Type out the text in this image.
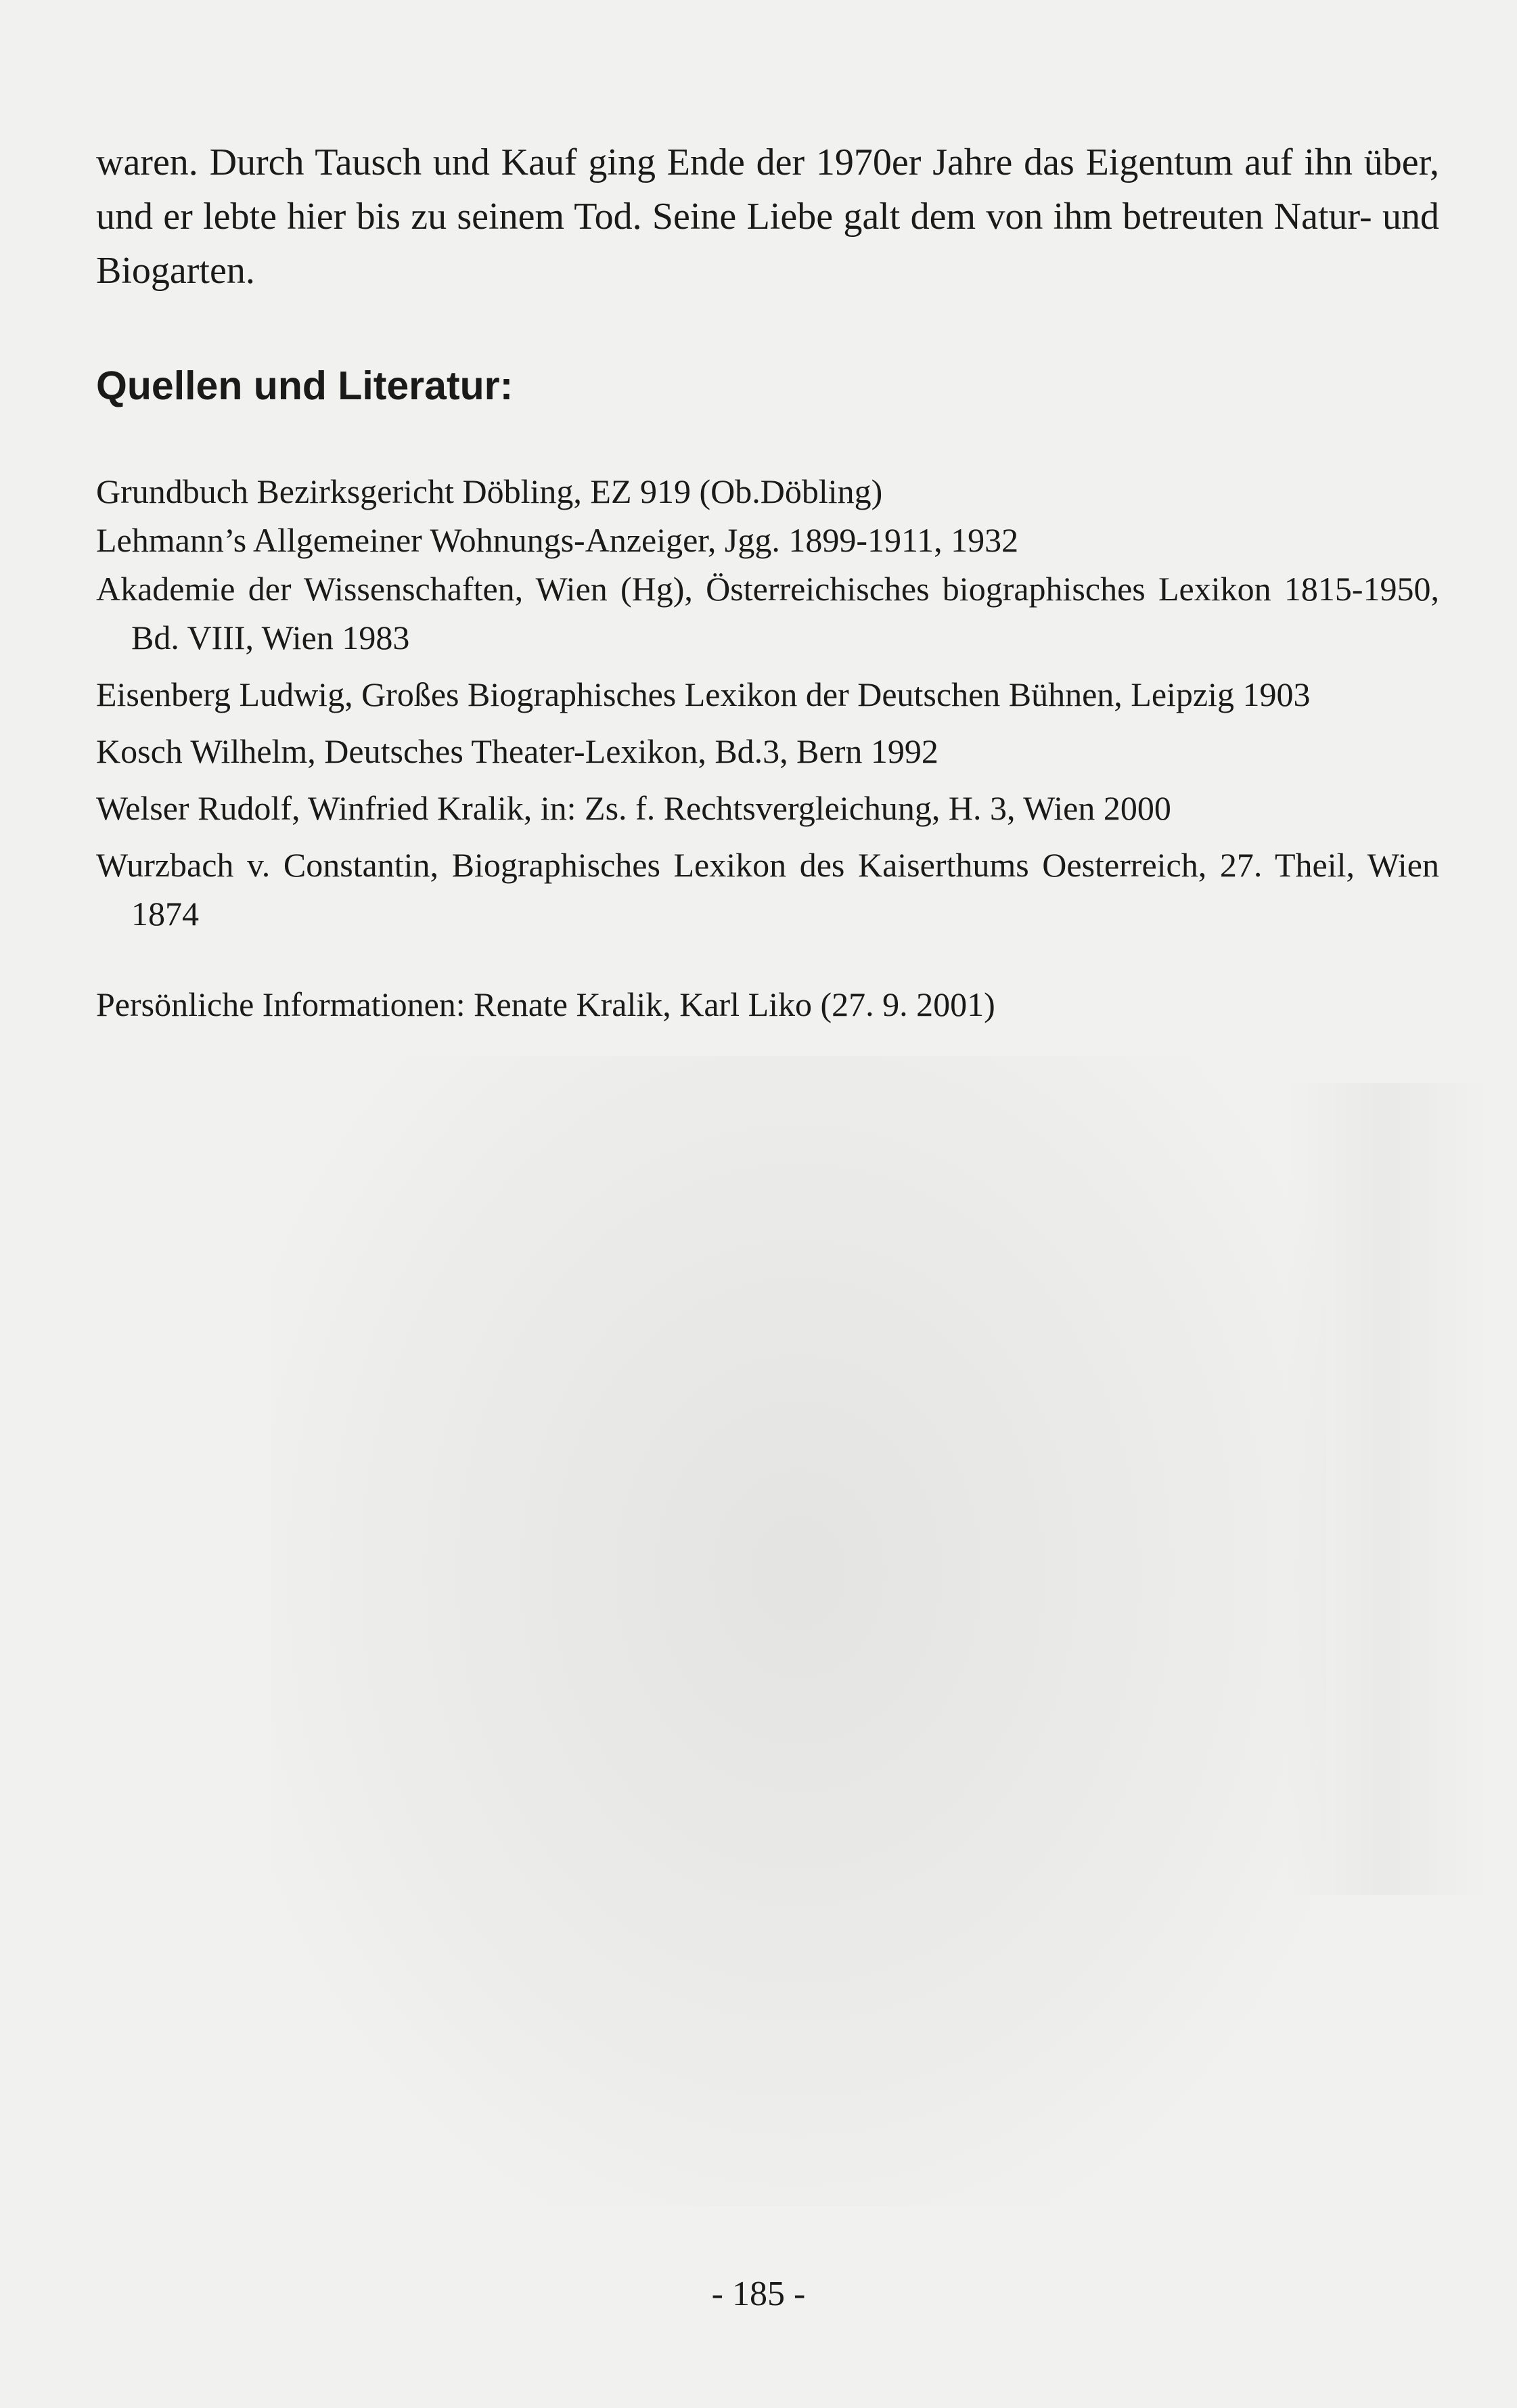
waren. Durch Tausch und Kauf ging Ende der 1970er Jahre das Eigentum auf ihn über, und er lebte hier bis zu seinem Tod. Seine Liebe galt dem von ihm betreuten Natur- und Biogarten.

Quellen und Literatur:
Grundbuch Bezirksgericht Döbling, EZ 919 (Ob.Döbling)
Lehmann’s Allgemeiner Wohnungs-Anzeiger, Jgg. 1899-1911, 1932
Akademie der Wissenschaften, Wien (Hg), Österreichisches biographisches Lexikon 1815-1950, Bd. VIII, Wien 1983
Eisenberg Ludwig, Großes Biographisches Lexikon der Deutschen Bühnen, Leipzig 1903
Kosch Wilhelm, Deutsches Theater-Lexikon, Bd.3, Bern 1992
Welser Rudolf, Winfried Kralik, in: Zs. f. Rechtsvergleichung, H. 3, Wien 2000
Wurzbach v. Constantin, Biographisches Lexikon des Kaiserthums Oesterreich, 27. Theil, Wien 1874
Persönliche Informationen: Renate Kralik, Karl Liko (27. 9. 2001)
- 185 -
